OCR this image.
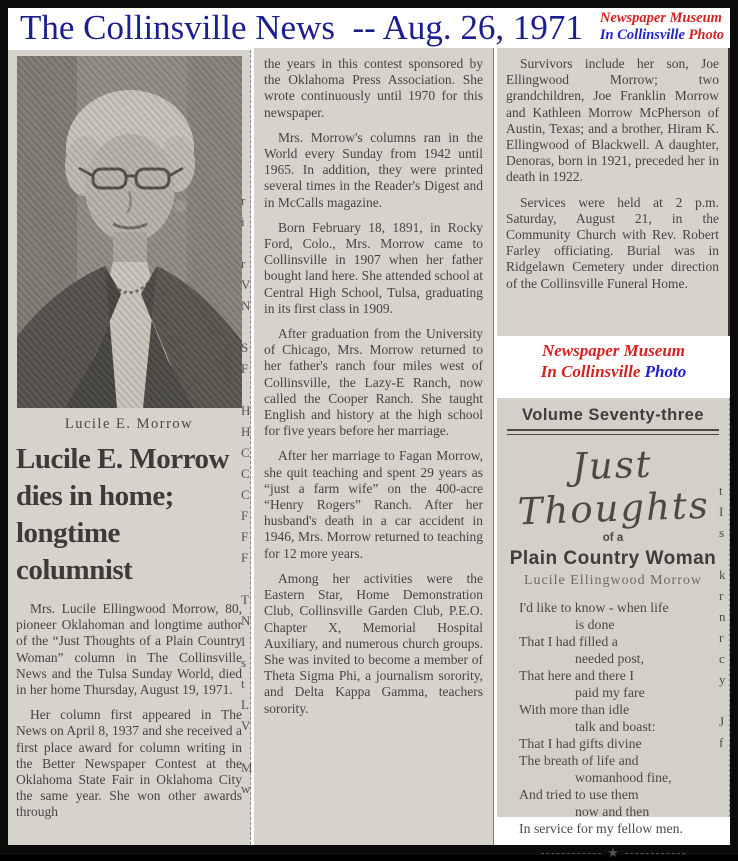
The Collinsville News  -- Aug. 26, 1971 Newspaper Museum
In Collinsville Photo
Lucile E. Morrow
Lucile E. Morrow
dies in home;
longtime columnist

Mrs. Lucile Ellingwood Morrow, 80, pioneer Oklahoman and longtime author of the “Just Thoughts of a Plain Country Woman” column in The Collinsville News and the Tulsa Sunday World, died in her home Thursday, August 19, 1971.

Her column first appeared in The News on April 8, 1937 and she received a first place award for column writing in the Better Newspaper Contest at the Oklahoma State Fair in Oklahoma City the same year. She won other awards through

r
i
r
V
N
S
F
H
H
C
C
C
F
F
F
T
N
I
s
t
L
V
M
w

the years in this contest sponsored by the Oklahoma Press Association. She wrote continuously until 1970 for this newspaper.

Mrs. Morrow's columns ran in the World every Sunday from 1942 until 1965. In addition, they were printed several times in the Reader's Digest and in McCalls magazine.

Born February 18, 1891, in Rocky Ford, Colo., Mrs. Morrow came to Collinsville in 1907 when her father bought land here. She attended school at Central High School, Tulsa, graduating in its first class in 1909.

After graduation from the University of Chicago, Mrs. Morrow returned to her father's ranch four miles west of Collinsville, the Lazy-E Ranch, now called the Cooper Ranch. She taught English and history at the high school for five years before her marriage.

After her marriage to Fagan Morrow, she quit teaching and spent 29 years as “just a farm wife” on the 400-acre “Henry Rogers” Ranch. After her husband's death in a car accident in 1946, Mrs. Morrow returned to teaching for 12 more years.

Among her activities were the Eastern Star, Home Demonstration Club, Collinsville Garden Club, P.E.O. Chapter X, Memorial Hospital Auxiliary, and numerous church groups. She was invited to become a member of Theta Sigma Phi, a journalism sorority, and Delta Kappa Gamma, teachers sorority.

Survivors include her son, Joe Ellingwood Morrow; two grandchildren, Joe Franklin Morrow and Kathleen Morrow McPherson of Austin, Texas; and a brother, Hiram K. Ellingwood of Blackwell. A daughter, Denoras, born in 1921, preceded her in death in 1922.

Services were held at 2 p.m. Saturday, August 21, in the Community Church with Rev. Robert Farley officiating. Burial was in Ridgelawn Cemetery under direction of the Collinsville Funeral Home.

Newspaper Museum
In Collinsville Photo
Volume Seventy-three
Just Thoughts
of a
Plain Country Woman
Lucile Ellingwood Morrow
I'd like to know - when life
is done
That I had filled a
needed post,
That here and there I
paid my fare
With more than idle
talk and boast:
That I had gifts divine
The breath of life and
womanhood fine,
And tried to use them
now and then
In service for my fellow men.
★
t
I
s
k
r
n
r
c
y
J
f
